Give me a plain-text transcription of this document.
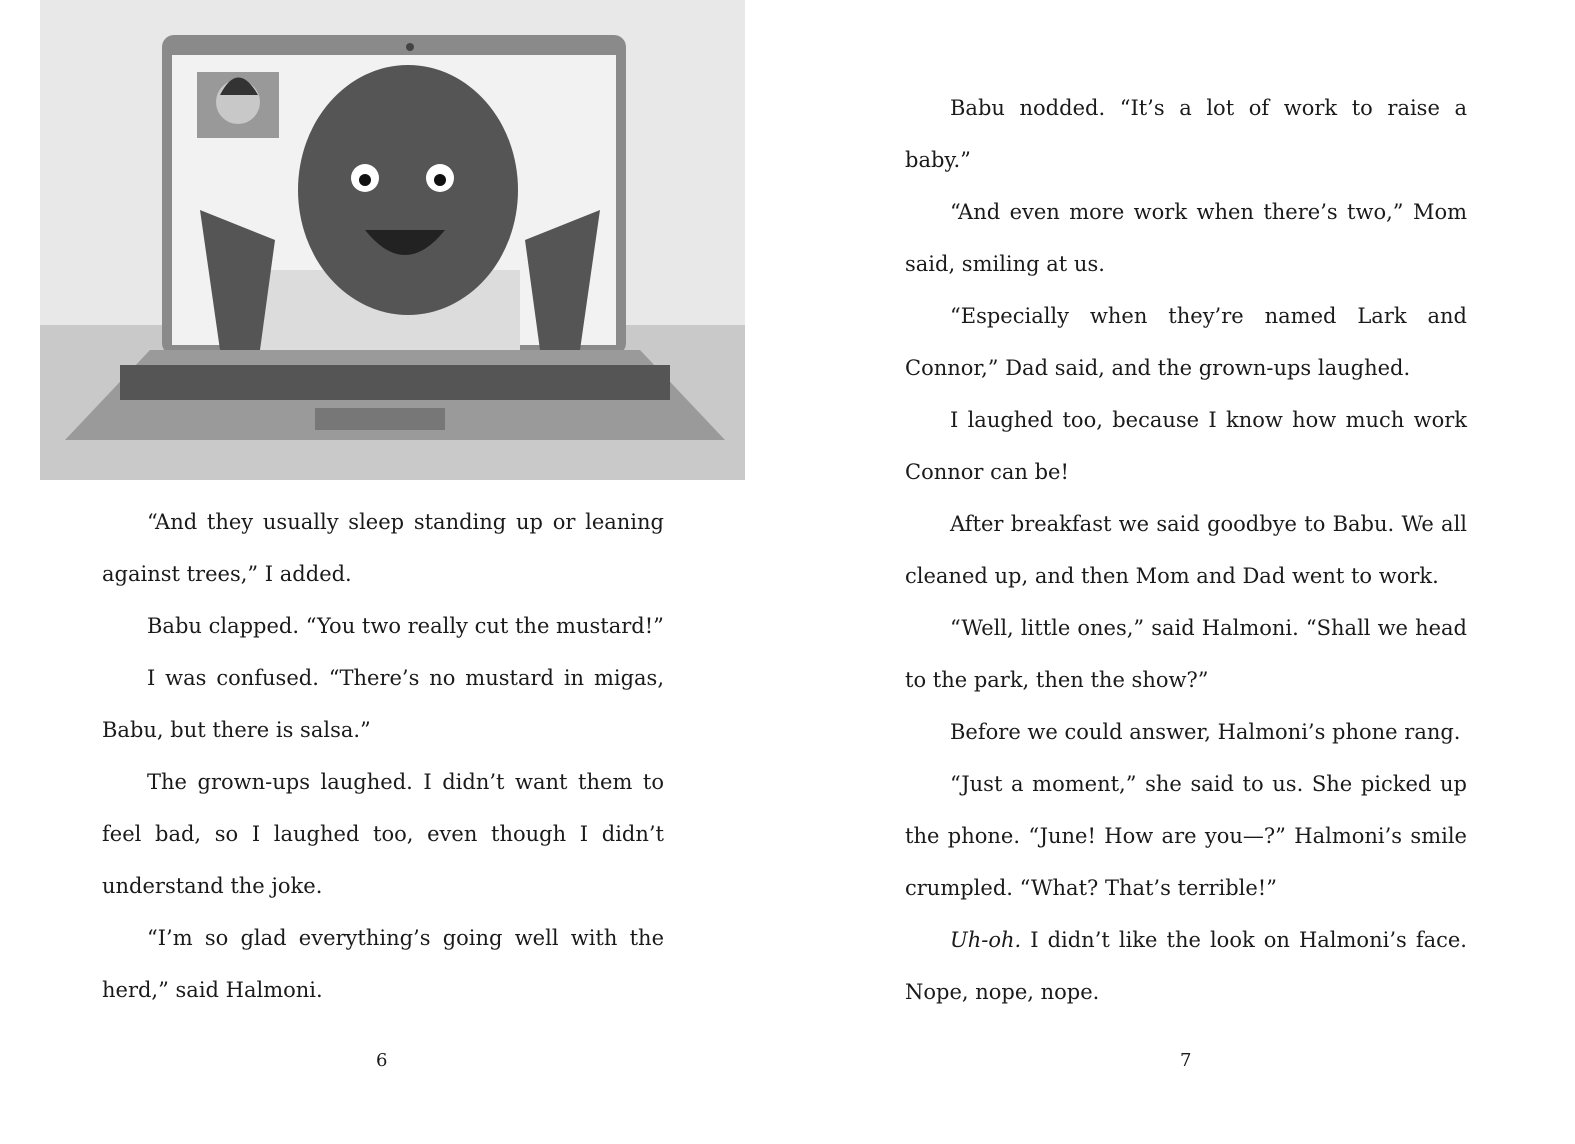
“And they usually sleep standing up or leaning against trees,” I added.

Babu clapped. “You two really cut the mustard!”

I was confused. “There’s no mustard in migas, Babu, but there is salsa.”

The grown-ups laughed. I didn’t want them to feel bad, so I laughed too, even though I didn’t understand the joke.

“I’m so glad everything’s going well with the herd,” said Halmoni.

6

Babu nodded. “It’s a lot of work to raise a baby.”

“And even more work when there’s two,” Mom said, smiling at us.

“Especially when they’re named Lark and Connor,” Dad said, and the grown-ups laughed.

I laughed too, because I know how much work Connor can be!

After breakfast we said goodbye to Babu. We all cleaned up, and then Mom and Dad went to work.

“Well, little ones,” said Halmoni. “Shall we head to the park, then the show?”

Before we could answer, Halmoni’s phone rang.

“Just a moment,” she said to us. She picked up the phone. “June! How are you—?” Halmoni’s smile crumpled. “What? That’s terrible!”

Uh-oh. I didn’t like the look on Halmoni’s face. Nope, nope, nope.

7
